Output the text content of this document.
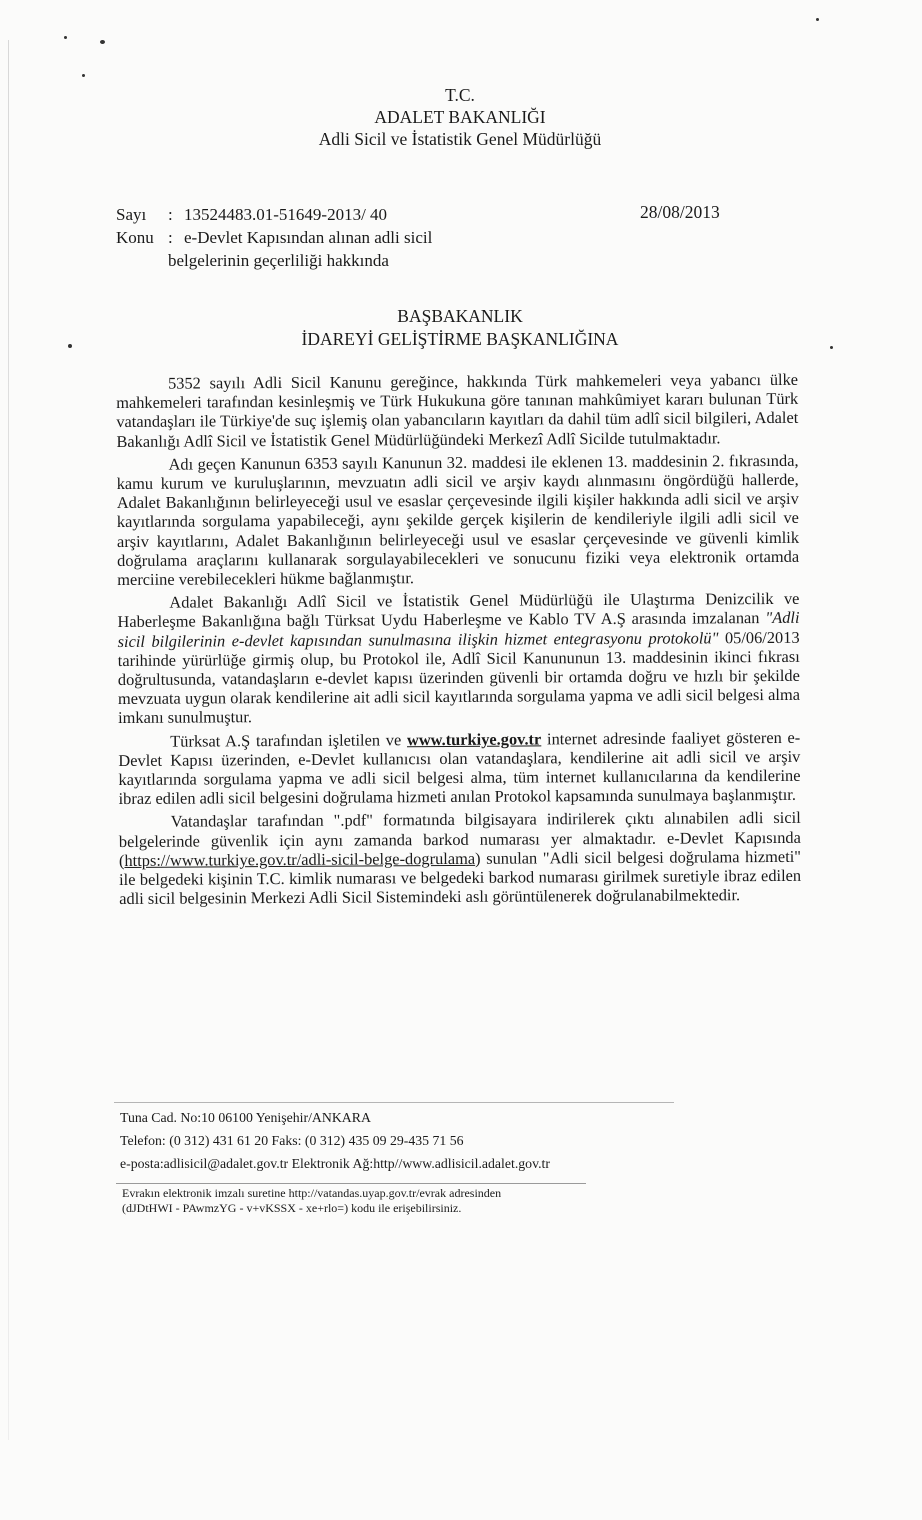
T.C.
ADALET BAKANLIĞI
Adli Sicil ve İstatistik Genel Müdürlüğü
Sayı	: 13524483.01-51649-2013/ 40
Konu : e-Devlet Kapısından alınan adli sicil
belgelerinin geçerliliği hakkında
28/08/2013
BAŞBAKANLIK
İDAREYİ GELİŞTİRME BAŞKANLIĞINA

5352 sayılı Adli Sicil Kanunu gereğince, hakkında Türk mahkemeleri veya yabancı ülke mahkemeleri tarafından kesinleşmiş ve Türk Hukukuna göre tanınan mahkûmiyet kararı bulunan Türk vatandaşları ile Türkiye'de suç işlemiş olan yabancıların kayıtları da dahil tüm adlî sicil bilgileri, Adalet Bakanlığı Adlî Sicil ve İstatistik Genel Müdürlüğündeki Merkezî Adlî Sicilde tutulmaktadır.

Adı geçen Kanunun 6353 sayılı Kanunun 32. maddesi ile eklenen 13. maddesinin 2. fıkrasında, kamu kurum ve kuruluşlarının, mevzuatın adli sicil ve arşiv kaydı alınmasını öngördüğü hallerde, Adalet Bakanlığının belirleyeceği usul ve esaslar çerçevesinde ilgili kişiler hakkında adli sicil ve arşiv kayıtlarında sorgulama yapabileceği, aynı şekilde gerçek kişilerin de kendileriyle ilgili adli sicil ve arşiv kayıtlarını, Adalet Bakanlığının belirleyeceği usul ve esaslar çerçevesinde ve güvenli kimlik doğrulama araçlarını kullanarak sorgulayabilecekleri ve sonucunu fiziki veya elektronik ortamda merciine verebilecekleri hükme bağlanmıştır.

Adalet Bakanlığı Adlî Sicil ve İstatistik Genel Müdürlüğü ile Ulaştırma Denizcilik ve Haberleşme Bakanlığına bağlı Türksat Uydu Haberleşme ve Kablo TV A.Ş arasında imzalanan "Adli sicil bilgilerinin e-devlet kapısından sunulmasına ilişkin hizmet entegrasyonu protokolü" 05/06/2013 tarihinde yürürlüğe girmiş olup, bu Protokol ile, Adlî Sicil Kanununun 13. maddesinin ikinci fıkrası doğrultusunda, vatandaşların e-devlet kapısı üzerinden güvenli bir ortamda doğru ve hızlı bir şekilde mevzuata uygun olarak kendilerine ait adli sicil kayıtlarında sorgulama yapma ve adli sicil belgesi alma imkanı sunulmuştur.

Türksat A.Ş tarafından işletilen ve www.turkiye.gov.tr internet adresinde faaliyet gösteren e-Devlet Kapısı üzerinden, e-Devlet kullanıcısı olan vatandaşlara, kendilerine ait adli sicil ve arşiv kayıtlarında sorgulama yapma ve adli sicil belgesi alma, tüm internet kullanıcılarına da kendilerine ibraz edilen adli sicil belgesini doğrulama hizmeti anılan Protokol kapsamında sunulmaya başlanmıştır.

Vatandaşlar tarafından ".pdf" formatında bilgisayara indirilerek çıktı alınabilen adli sicil belgelerinde güvenlik için aynı zamanda barkod numarası yer almaktadır. e-Devlet Kapısında (https://www.turkiye.gov.tr/adli-sicil-belge-dogrulama) sunulan "Adli sicil belgesi doğrulama hizmeti" ile belgedeki kişinin T.C. kimlik numarası ve belgedeki barkod numarası girilmek suretiyle ibraz edilen adli sicil belgesinin Merkezi Adli Sicil Sistemindeki aslı görüntülenerek doğrulanabilmektedir.

Tuna Cad. No:10 06100 Yenişehir/ANKARA
Telefon: (0 312) 431 61 20 Faks: (0 312) 435 09 29-435 71 56
e-posta:adlisicil@adalet.gov.tr Elektronik Ağ:http//www.adlisicil.adalet.gov.tr
Evrakın elektronik imzalı suretine http://vatandas.uyap.gov.tr/evrak adresinden
(dJDtHWI - PAwmzYG - v+vKSSX - xe+rlo=) kodu ile erişebilirsiniz.
